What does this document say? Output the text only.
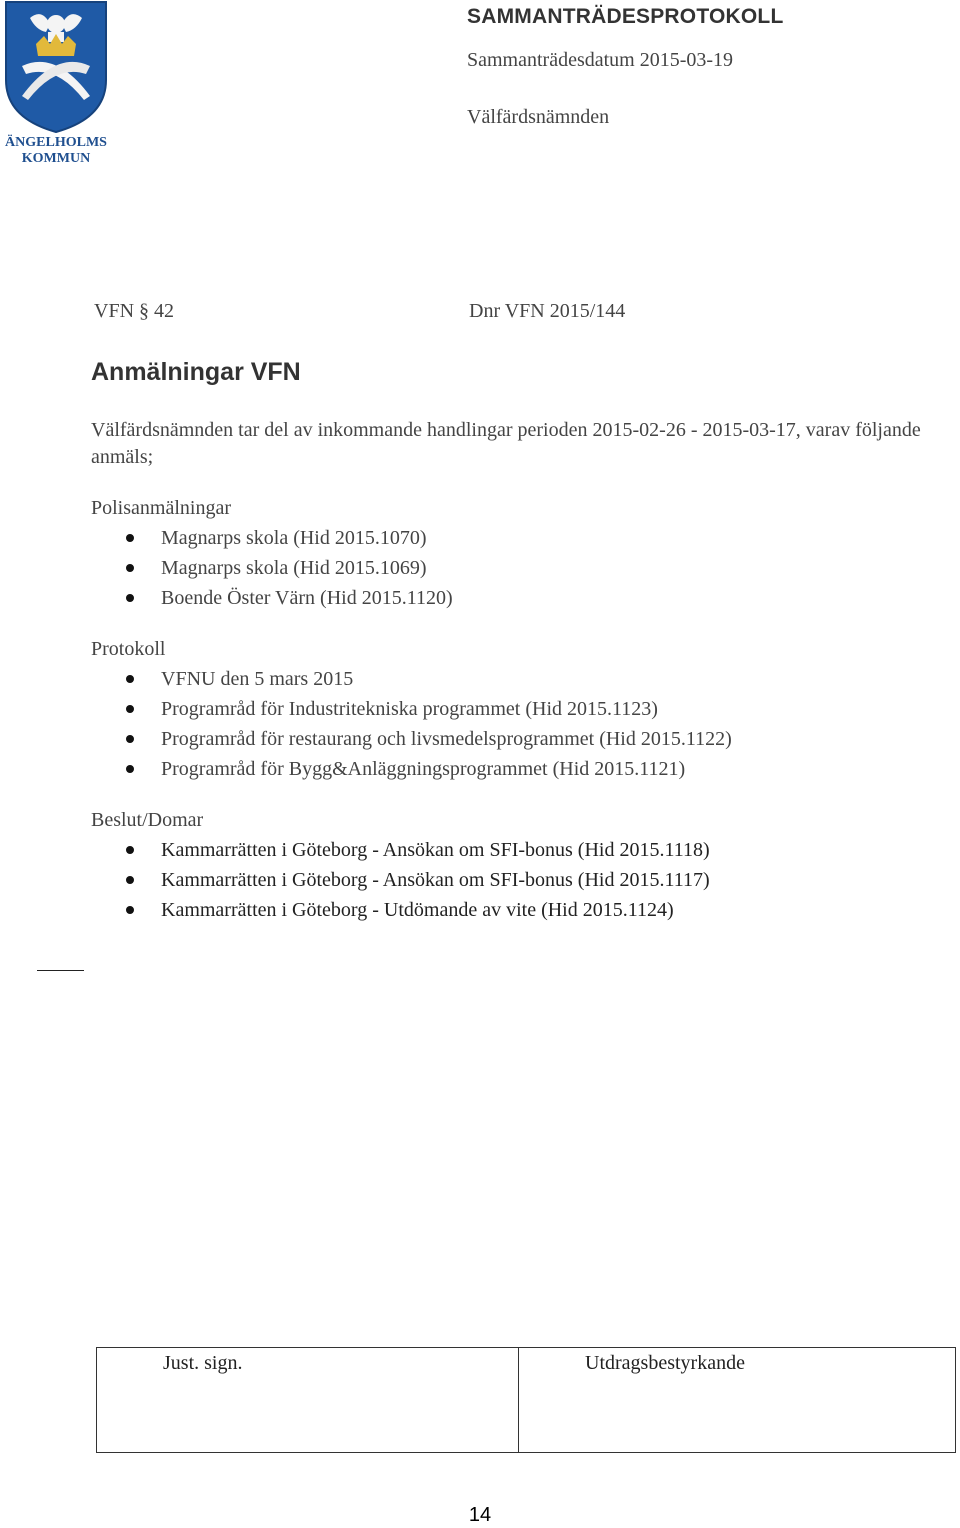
ÄNGELHOLMS
KOMMUN
SAMMANTRÄDESPROTOKOLL
Sammanträdesdatum 2015-03-19
Välfärdsnämnden
VFN § 42	Dnr VFN 2015/144
Anmälningar VFN
Välfärdsnämnden tar del av inkommande handlingar perioden 2015-02-26 - 2015-03-17, varav följande anmäls;
Polisanmälningar
Magnarps skola (Hid 2015.1070)
Magnarps skola (Hid 2015.1069)
Boende Öster Värn (Hid 2015.1120)
Protokoll
VFNU den 5 mars 2015
Programråd för Industritekniska programmet (Hid 2015.1123)
Programråd för restaurang och livsmedelsprogrammet (Hid 2015.1122)
Programråd för Bygg&Anläggningsprogrammet (Hid 2015.1121)
Beslut/Domar
Kammarrätten i Göteborg - Ansökan om SFI-bonus (Hid 2015.1118)
Kammarrätten i Göteborg - Ansökan om SFI-bonus (Hid 2015.1117)
Kammarrätten i Göteborg - Utdömande av vite (Hid 2015.1124)
Just. sign.	Utdragsbestyrkande
14
